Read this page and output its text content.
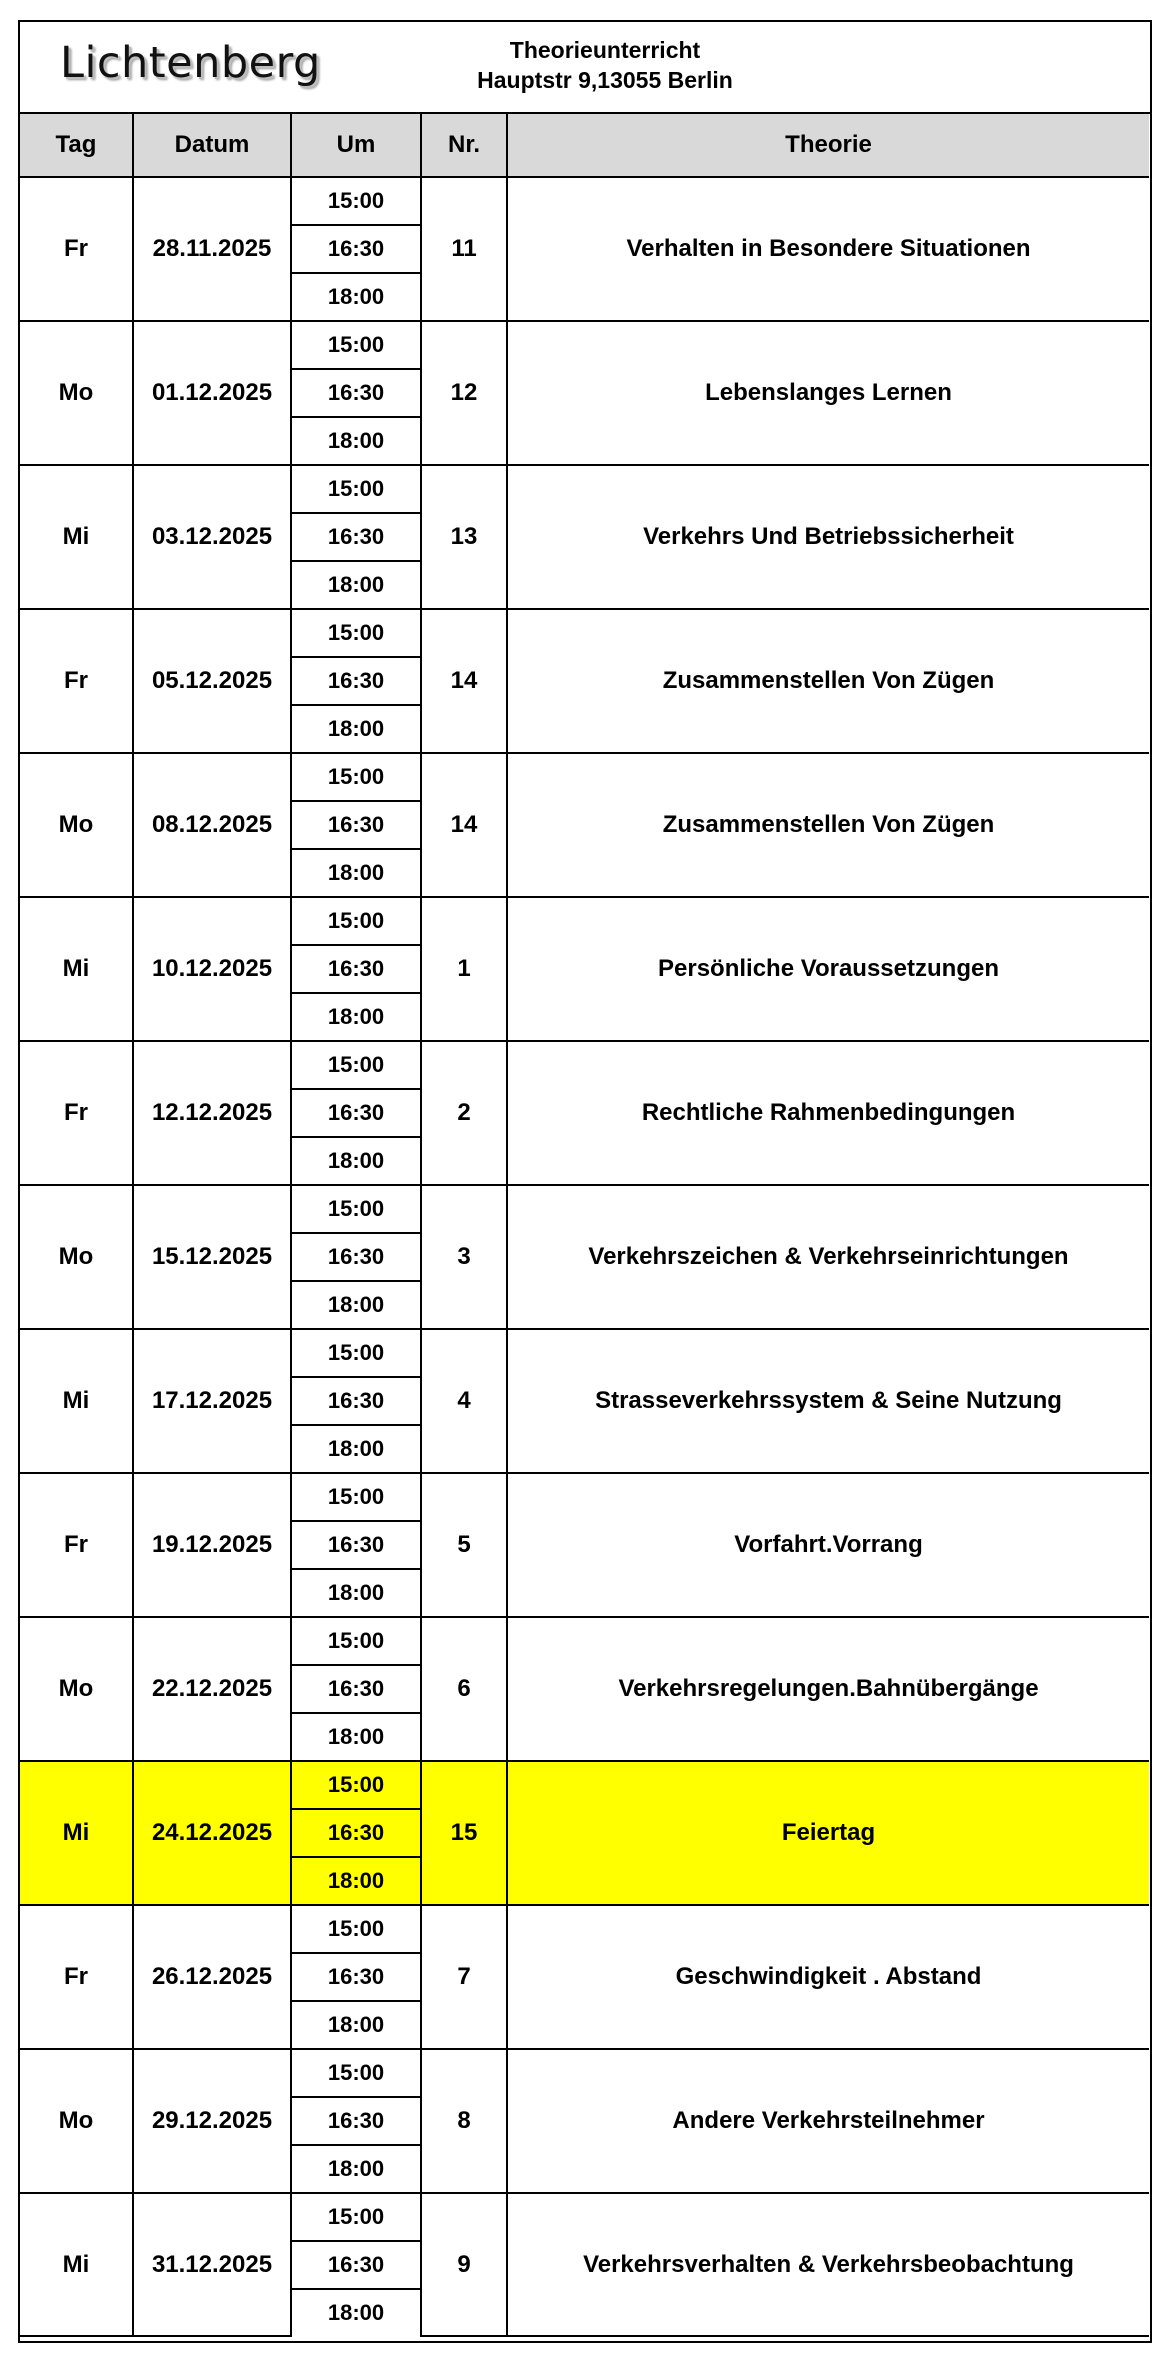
Lichtenberg	Theorieunterricht
Hauptstr 9,13055 Berlin
Tag	Datum	Um	Nr.	Theorie
Fr	28.11.2025	15:00	11	Verhalten in Besondere Situationen
		16:30		
		18:00		
Mo	01.12.2025	15:00	12	Lebenslanges Lernen
		16:30		
		18:00		
Mi	03.12.2025	15:00	13	Verkehrs Und Betriebssicherheit
		16:30		
		18:00		
Fr	05.12.2025	15:00	14	Zusammenstellen Von Zügen
		16:30		
		18:00		
Mo	08.12.2025	15:00	14	Zusammenstellen Von Zügen
		16:30		
		18:00		
Mi	10.12.2025	15:00	1	Persönliche Voraussetzungen
		16:30		
		18:00		
Fr	12.12.2025	15:00	2	Rechtliche Rahmenbedingungen
		16:30		
		18:00		
Mo	15.12.2025	15:00	3	Verkehrszeichen & Verkehrseinrichtungen
		16:30		
		18:00		
Mi	17.12.2025	15:00	4	Strasseverkehrssystem & Seine Nutzung
		16:30		
		18:00		
Fr	19.12.2025	15:00	5	Vorfahrt.Vorrang
		16:30		
		18:00		
Mo	22.12.2025	15:00	6	Verkehrsregelungen.Bahnübergänge
		16:30		
		18:00		
Mi	24.12.2025	15:00	15	Feiertag
		16:30		
		18:00		
Fr	26.12.2025	15:00	7	Geschwindigkeit . Abstand
		16:30		
		18:00		
Mo	29.12.2025	15:00	8	Andere Verkehrsteilnehmer
		16:30		
		18:00		
Mi	31.12.2025	15:00	9	Verkehrsverhalten & Verkehrsbeobachtung
		16:30		
		18:00		
